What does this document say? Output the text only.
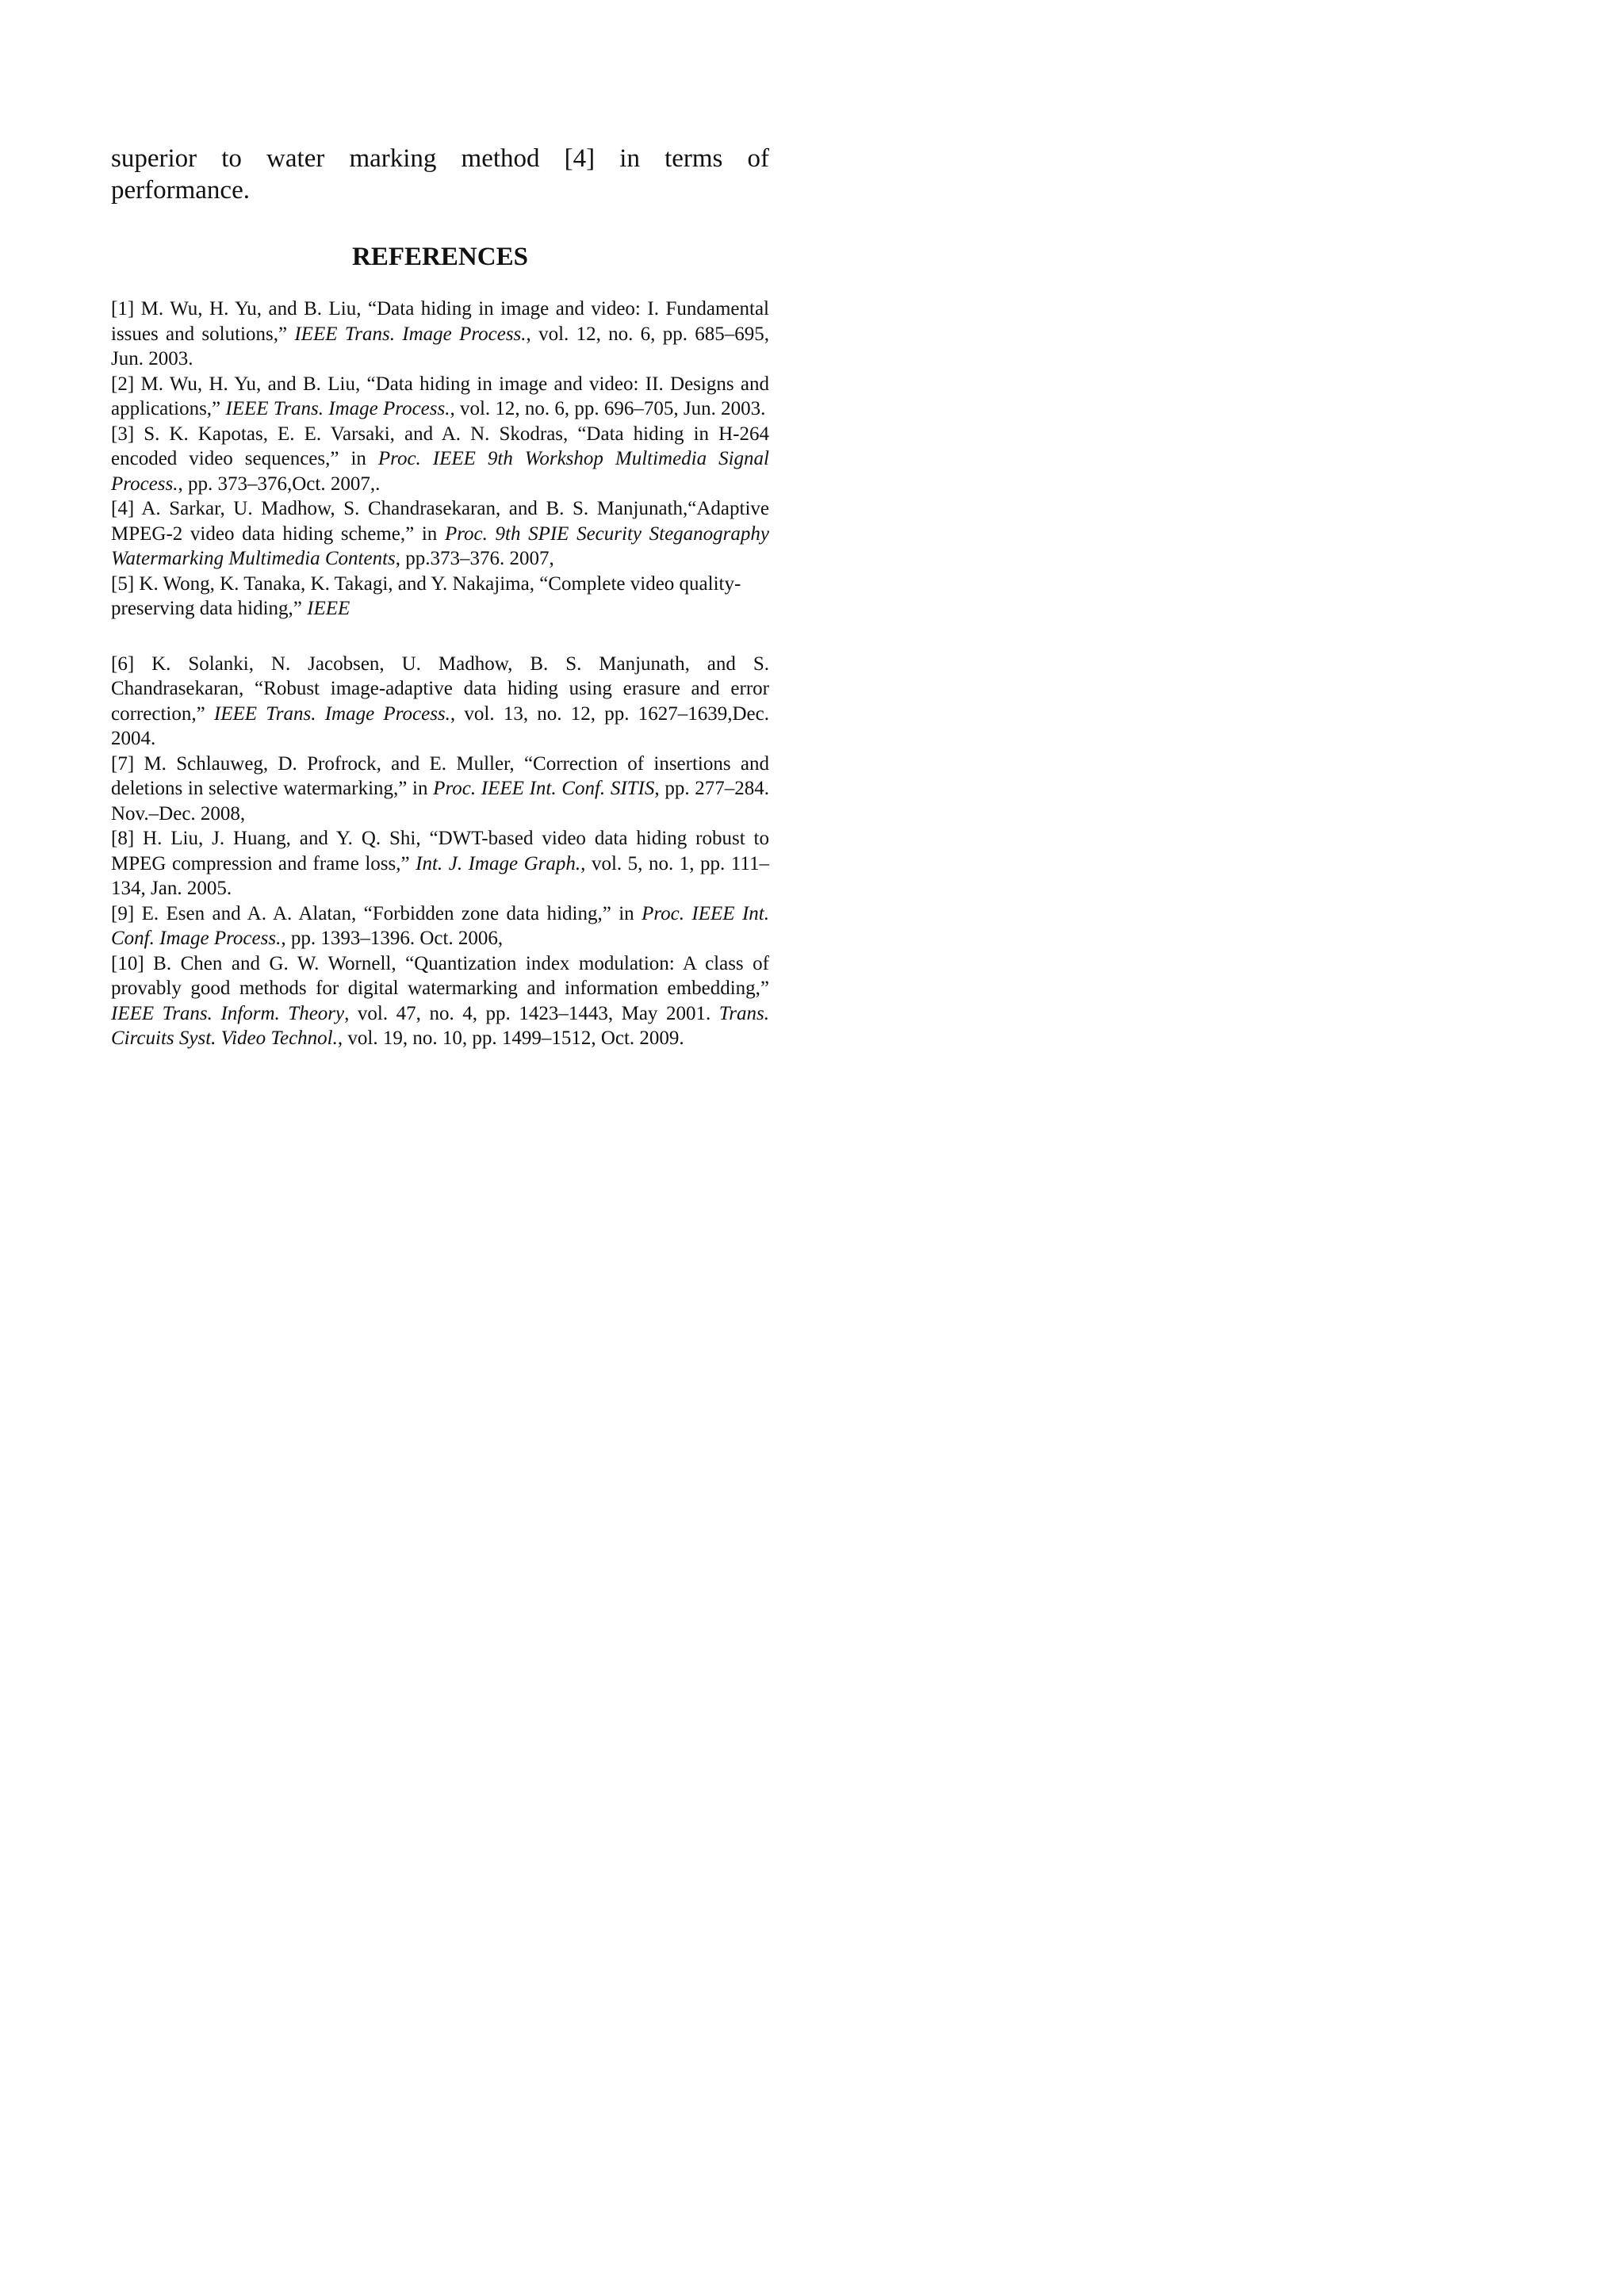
superior to water marking method [4] in terms of performance.

REFERENCES

[1] M. Wu, H. Yu, and B. Liu, “Data hiding in image and video: I. Fundamental issues and solutions,” IEEE Trans. Image Process., vol. 12, no. 6, pp. 685–695, Jun. 2003.

[2] M. Wu, H. Yu, and B. Liu, “Data hiding in image and video: II. Designs and applications,” IEEE Trans. Image Process., vol. 12, no. 6, pp. 696–705, Jun. 2003.

[3] S. K. Kapotas, E. E. Varsaki, and A. N. Skodras, “Data hiding in H-264 encoded video sequences,” in Proc. IEEE 9th Workshop Multimedia Signal Process., pp. 373–376,Oct. 2007,.

[4] A. Sarkar, U. Madhow, S. Chandrasekaran, and B. S. Manjunath,“Adaptive MPEG-2 video data hiding scheme,” in Proc. 9th SPIE Security Steganography Watermarking Multimedia Contents, pp.373–376. 2007,

[5] K. Wong, K. Tanaka, K. Takagi, and Y. Nakajima, “Complete video quality-preserving data hiding,” IEEE

[6] K. Solanki, N. Jacobsen, U. Madhow, B. S. Manjunath, and S. Chandrasekaran, “Robust image-adaptive data hiding using erasure and error correction,” IEEE Trans. Image Process., vol. 13, no. 12, pp. 1627–1639,Dec. 2004.

[7] M. Schlauweg, D. Profrock, and E. Muller, “Correction of insertions and deletions in selective watermarking,” in Proc. IEEE Int. Conf. SITIS, pp. 277–284. Nov.–Dec. 2008,

[8] H. Liu, J. Huang, and Y. Q. Shi, “DWT-based video data hiding robust to MPEG compression and frame loss,” Int. J. Image Graph., vol. 5, no. 1, pp. 111–134, Jan. 2005.

[9] E. Esen and A. A. Alatan, “Forbidden zone data hiding,” in Proc. IEEE Int. Conf. Image Process., pp. 1393–1396. Oct. 2006,

[10] B. Chen and G. W. Wornell, “Quantization index modulation: A class of provably good methods for digital watermarking and information embedding,” IEEE Trans. Inform. Theory, vol. 47, no. 4, pp. 1423–1443, May 2001. Trans. Circuits Syst. Video Technol., vol. 19, no. 10, pp. 1499–1512, Oct. 2009.
